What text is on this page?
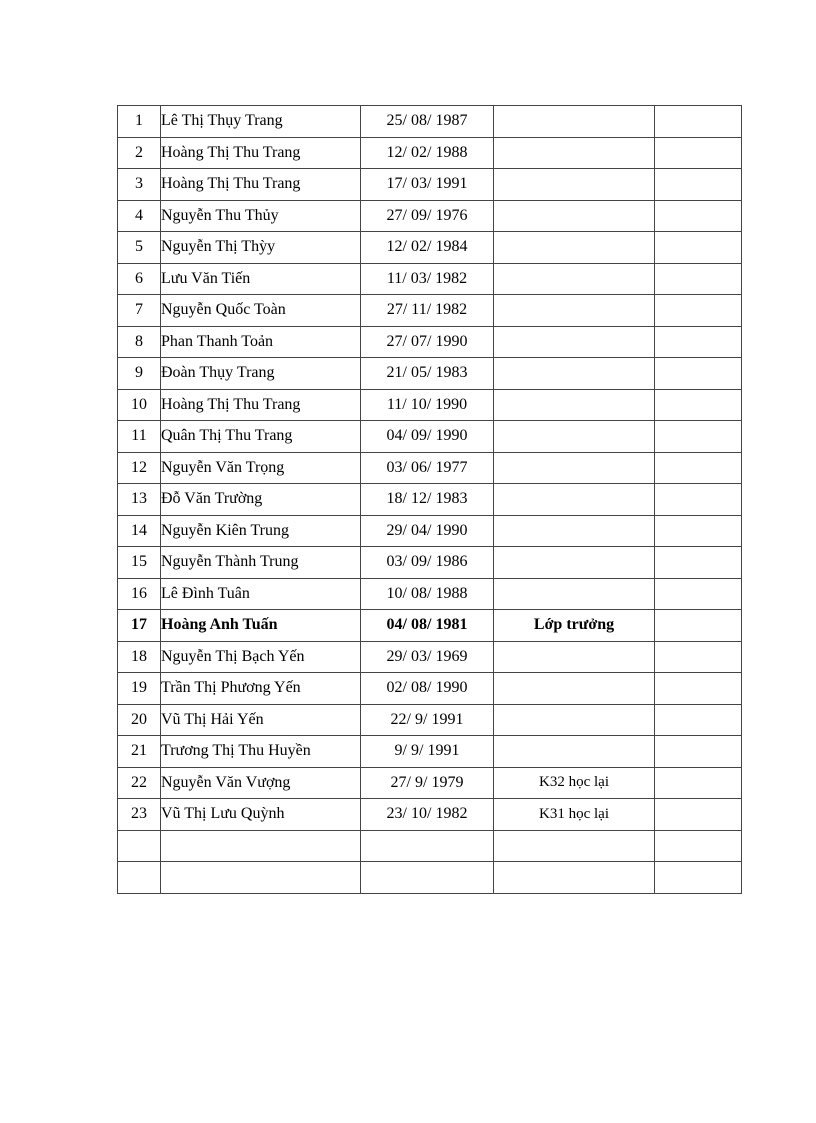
1	Lê Thị Thụy Trang	25/ 08/ 1987		
2	Hoàng Thị Thu Trang	12/ 02/ 1988		
3	Hoàng Thị Thu Trang	17/ 03/ 1991		
4	Nguyễn Thu Thủy	27/ 09/ 1976		
5	Nguyễn Thị Thỳy	12/ 02/ 1984		
6	Lưu Văn Tiến	11/ 03/ 1982		
7	Nguyễn Quốc Toàn	27/ 11/ 1982		
8	Phan Thanh Toản	27/ 07/ 1990		
9	Đoàn Thụy Trang	21/ 05/ 1983		
10	Hoàng Thị Thu Trang	11/ 10/ 1990		
11	Quân Thị Thu Trang	04/ 09/ 1990		
12	Nguyễn Văn Trọng	03/ 06/ 1977		
13	Đỗ Văn Trường	18/ 12/ 1983		
14	Nguyễn Kiên Trung	29/ 04/ 1990		
15	Nguyễn Thành Trung	03/ 09/ 1986		
16	Lê Đình Tuân	10/ 08/ 1988		
17	Hoàng Anh Tuấn	04/ 08/ 1981	Lớp trưởng	
18	Nguyễn Thị Bạch Yến	29/ 03/ 1969		
19	Trần Thị Phương Yến	02/ 08/ 1990		
20	Vũ Thị Hải Yến	22/ 9/ 1991		
21	Trương Thị Thu Huyền	9/ 9/ 1991		
22	Nguyễn Văn Vượng	27/ 9/ 1979	K32 học lại	
23	Vũ Thị Lưu Quỳnh	23/ 10/ 1982	K31 học lại	
